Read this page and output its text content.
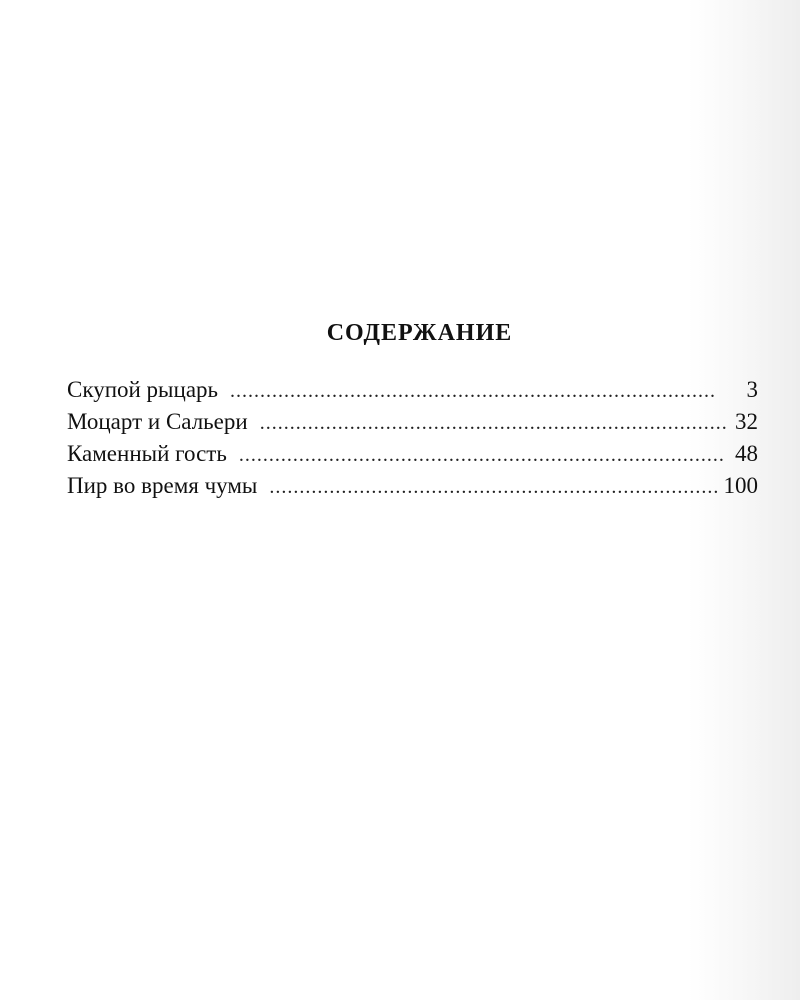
СОДЕРЖАНИЕ
Скупой рыцарь . . .	3
Моцарт и Сальери . . .	32
Каменный гость . . .	48
Пир во время чумы . . .	100
